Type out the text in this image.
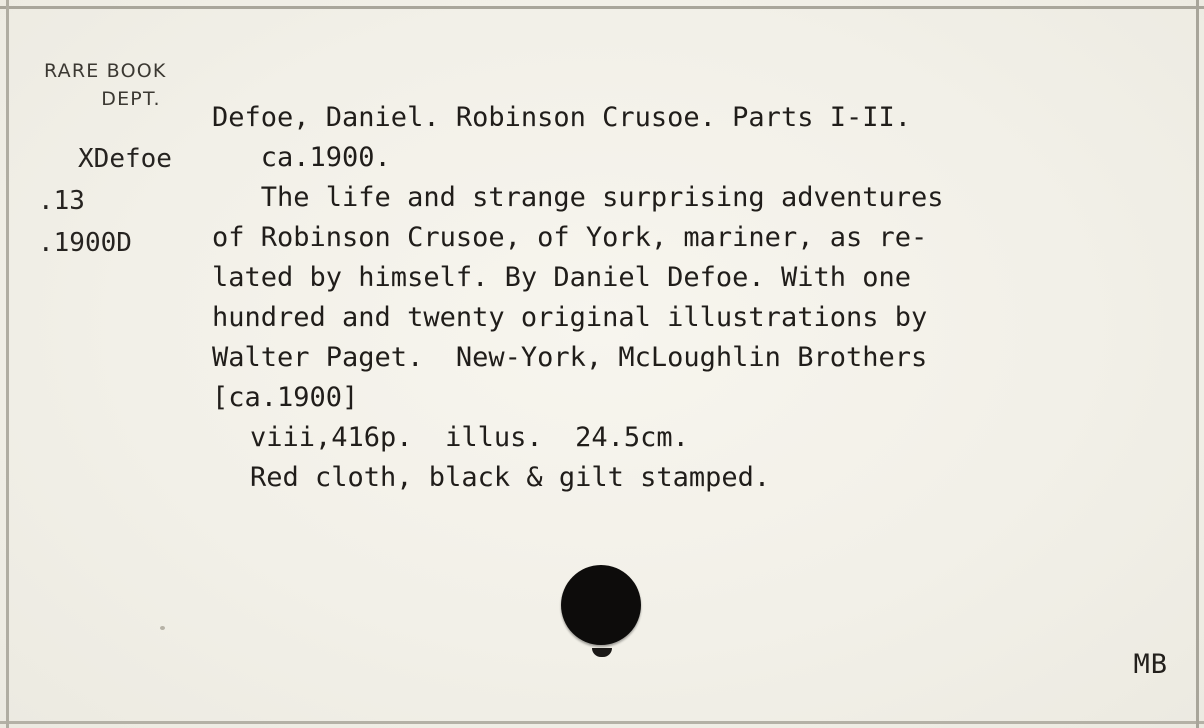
RARE BOOK
DEPT.
XDefoe
.13
.1900D
Defoe, Daniel. Robinson Crusoe. Parts I-II.
ca.1900.
The life and strange surprising adventures
of Robinson Crusoe, of York, mariner, as re-
lated by himself. By Daniel Defoe. With one
hundred and twenty original illustrations by
Walter Paget.  New-York, McLoughlin Brothers
[ca.1900]
viii,416p.  illus.  24.5cm.
Red cloth, black & gilt stamped.
MB
